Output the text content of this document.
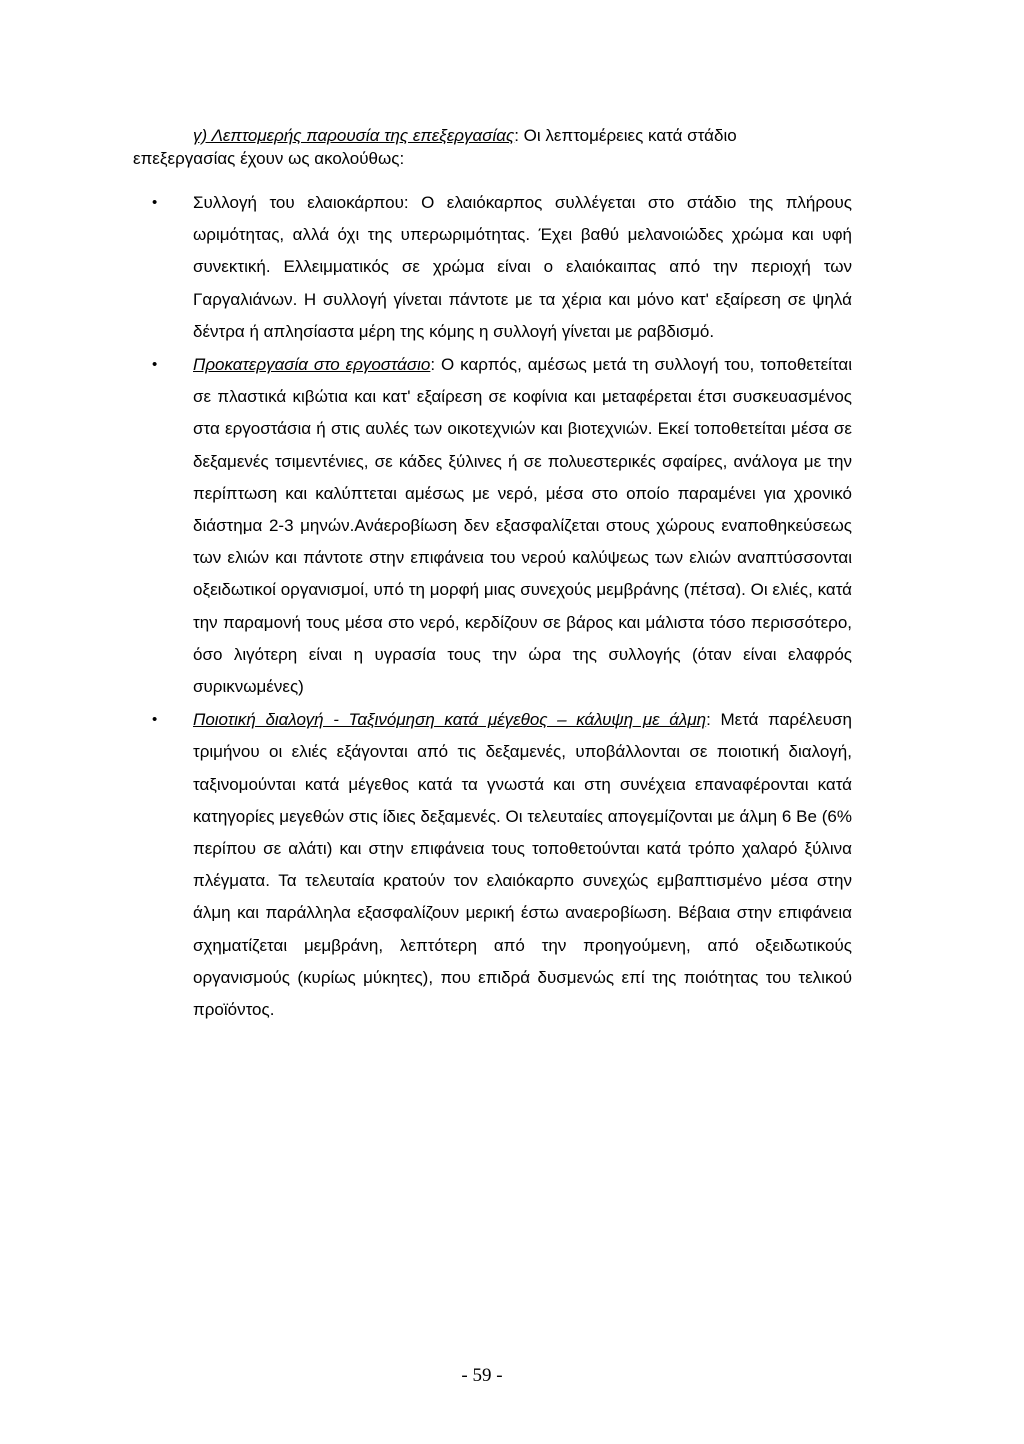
γ) Λεπτομερής παρουσία της επεξεργασίας: Οι λεπτομέρειες κατά στάδιο επεξεργασίας έχουν ως ακολούθως:

•	Συλλογή του ελαιοκάρπου: Ο ελαιόκαρπος συλλέγεται στο στάδιο της πλήρους ωριμότητας, αλλά όχι της υπερωριμότητας. Έχει βαθύ μελανοιώδες χρώμα και υφή συνεκτική. Ελλειμματικός σε χρώμα είναι ο ελαιόκαιπας από την περιοχή των Γαργαλιάνων. Η συλλογή γίνεται πάντοτε με τα χέρια και μόνο κατ' εξαίρεση σε ψηλά δέντρα ή απλησίαστα μέρη της κόμης η συλλογή γίνεται με ραβδισμό.
•	Προκατεργασία στο εργοστάσιο: Ο καρπός, αμέσως μετά τη συλλογή του, τοποθετείται σε πλαστικά κιβώτια και κατ' εξαίρεση σε κοφίνια και μεταφέρεται έτσι συσκευασμένος στα εργοστάσια ή στις αυλές των οικοτεχνιών και βιοτεχνιών. Εκεί τοποθετείται μέσα σε δεξαμενές τσιμεντένιες, σε κάδες ξύλινες ή σε πολυεστερικές σφαίρες, ανάλογα με την περίπτωση και καλύπτεται αμέσως με νερό, μέσα στο οποίο παραμένει για χρονικό διάστημα 2-3 μηνών.Ανάεροβίωση δεν εξασφαλίζεται στους χώρους εναποθηκεύσεως των ελιών και πάντοτε στην επιφάνεια του νερού καλύψεως των ελιών αναπτύσσονται οξειδωτικοί οργανισμοί, υπό τη μορφή μιας συνεχούς μεμβράνης (πέτσα). Οι ελιές, κατά την παραμονή τους μέσα στο νερό, κερδίζουν σε βάρος και μάλιστα τόσο περισσότερο, όσο λιγότερη είναι η υγρασία τους την ώρα της συλλογής (όταν είναι ελαφρός συρικνωμένες)
•	Ποιοτική διαλογή - Ταξινόμηση κατά μέγεθος – κάλυψη με άλμη: Μετά παρέλευση τριμήνου οι ελιές εξάγονται από τις δεξαμενές, υποβάλλονται σε ποιοτική διαλογή, ταξινομούνται κατά μέγεθος κατά τα γνωστά και στη συνέχεια επαναφέρονται κατά κατηγορίες μεγεθών στις ίδιες δεξαμενές. Οι τελευταίες απογεμίζονται με άλμη 6 Be (6% περίπου σε αλάτι) και στην επιφάνεια τους τοποθετούνται κατά τρόπο χαλαρό ξύλινα πλέγματα. Τα τελευταία κρατούν τον ελαιόκαρπο συνεχώς εμβαπτισμένο μέσα στην άλμη και παράλληλα εξασφαλίζουν μερική έστω αναεροβίωση. Βέβαια στην επιφάνεια σχηματίζεται μεμβράνη, λεπτότερη από την προηγούμενη, από οξειδωτικούς οργανισμούς (κυρίως μύκητες), που επιδρά δυσμενώς επί της ποιότητας του τελικού προϊόντος.
- 59 -
